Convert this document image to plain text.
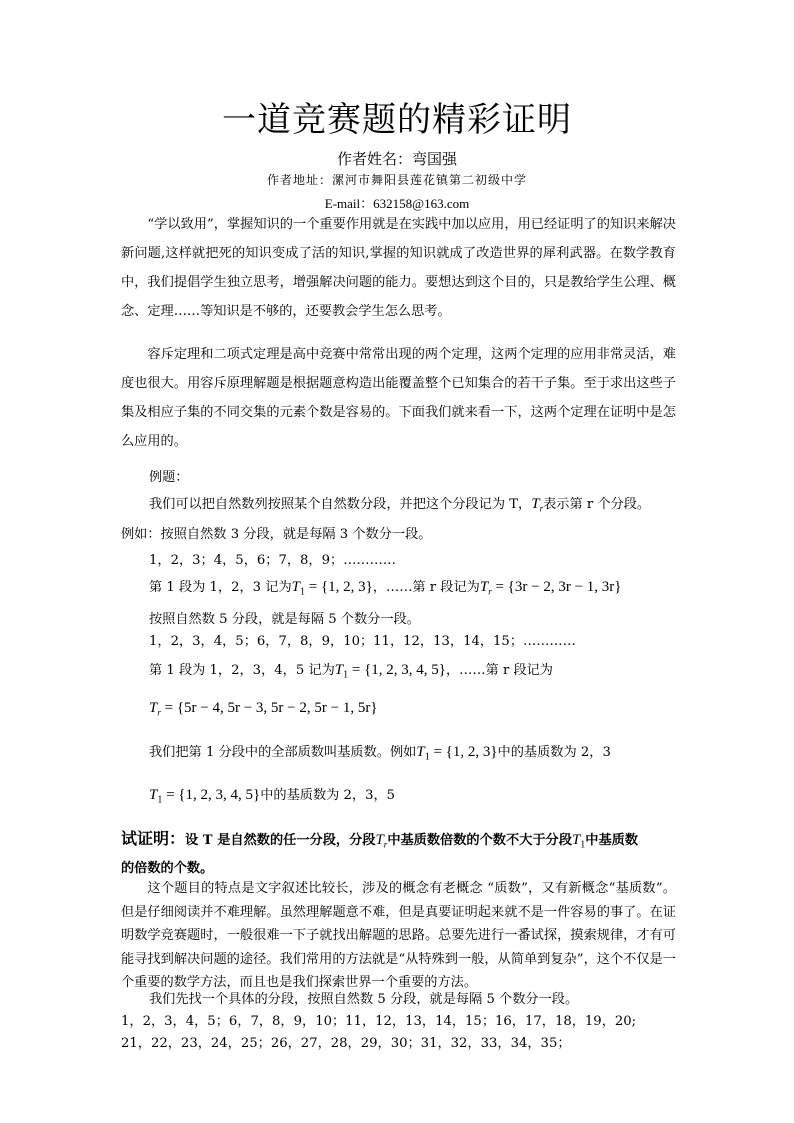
一道竞赛题的精彩证明
作者姓名：弯国强
作者地址：漯河市舞阳县莲花镇第二初级中学
E-mail：632158@163.com
“学以致用”，掌握知识的一个重要作用就是在实践中加以应用，用已经证明了的知识来解决新问题,这样就把死的知识变成了活的知识,掌握的知识就成了改造世界的犀利武器。在数学教育中，我们提倡学生独立思考，增强解决问题的能力。要想达到这个目的，只是教给学生公理、概念、定理……等知识是不够的，还要教会学生怎么思考。
容斥定理和二项式定理是高中竞赛中常常出现的两个定理，这两个定理的应用非常灵活，难度也很大。用容斥原理解题是根据题意构造出能覆盖整个已知集合的若干子集。至于求出这些子集及相应子集的不同交集的元素个数是容易的。下面我们就来看一下，这两个定理在证明中是怎么应用的。
例题：
我们可以把自然数列按照某个自然数分段，并把这个分段记为 T，$T_r$表示第 r 个分段。
例如：按照自然数 3 分段，就是每隔 3 个数分一段。
1，2，3；4，5，6；7，8，9；…………
第 1 段为 1，2，3 记为$T_1 = \{1$, 2, 3}，……第 r 段记为$T_r = \{3r - 2$, 3r − 1, 3r}
按照自然数 5 分段，就是每隔 5 个数分一段。
1，2，3，4，5；6，7，8，9，10；11，12，13，14，15；…………
第 1 段为 1，2，3，4，5 记为$T_1 = \{1$, 2, 3, 4, 5}，……第 r 段记为
$T_r = \{5r - 4$, 5r − 3, 5r − 2, 5r − 1, 5r}
我们把第 1 分段中的全部质数叫基质数。例如$T_1 = \{1$, 2, 3}中的基质数为 2，3
$T_1 = \{1$, 2, 3, 4, 5}中的基质数为 2，3，5
试证明：设 T 是自然数的任一分段，分段$T_r$中基质数倍数的个数不大于分段$T_1$中基质数
的倍数的个数。
这个题目的特点是文字叙述比较长，涉及的概念有老概念 “质数”，又有新概念“基质数”。但是仔细阅读并不难理解。虽然理解题意不难，但是真要证明起来就不是一件容易的事了。在证明数学竞赛题时，一般很难一下子就找出解题的思路。总要先进行一番试探，摸索规律，才有可能寻找到解决问题的途径。我们常用的方法就是“从特殊到一般，从简单到复杂”，这个不仅是一个重要的数学方法，而且也是我们探索世界一个重要的方法。
我们先找一个具体的分段，按照自然数 5 分段，就是每隔 5 个数分一段。
1，2，3，4，5；6，7，8，9，10；11，12，13，14，15；16，17，18，19，20;
21，22，23，24，25；26，27，28，29，30；31，32，33，34，35；
